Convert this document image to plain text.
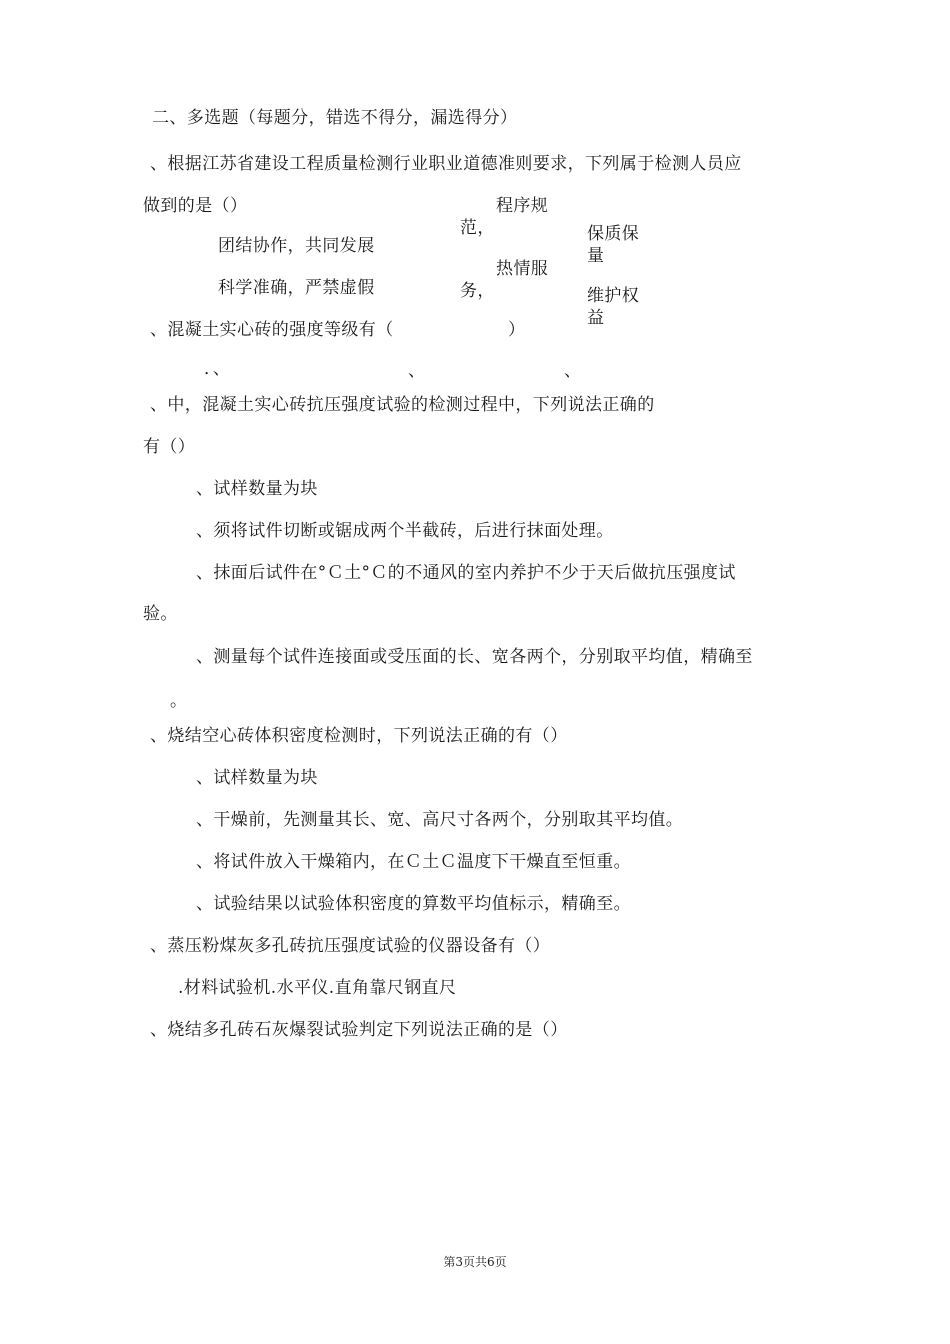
二、多选题（每题分，错选不得分，漏选得分）
、根据江苏省建设工程质量检测行业职业道德准则要求，下列属于检测人员应
做到的是（）	程序规
范，
团结协作，共同发展
保质保
量
热情服
务，
科学准确，严禁虚假	维护权
益
、混凝土实心砖的强度等级有（	）
．、	、	、
、中，混凝土实心砖抗压强度试验的检测过程中，下列说法正确的
有（）
、试样数量为块
、须将试件切断或锯成两个半截砖，后进行抹面处理。
、抹面后试件在°Ｃ土°Ｃ的不通风的室内养护不少于天后做抗压强度试
验。
、测量每个试件连接面或受压面的长、宽各两个，分别取平均值，精确至
。
、烧结空心砖体积密度检测时，下列说法正确的有（）
、试样数量为块
、干燥前，先测量其长、宽、高尺寸各两个，分别取其平均值。
、将试件放入干燥箱内，在Ｃ土Ｃ温度下干燥直至恒重。
、试验结果以试验体积密度的算数平均值标示，精确至。
、蒸压粉煤灰多孔砖抗压强度试验的仪器设备有（）
.材料试验机.水平仪.直角靠尺钢直尺
、烧结多孔砖石灰爆裂试验判定下列说法正确的是（）
第3页共6页
